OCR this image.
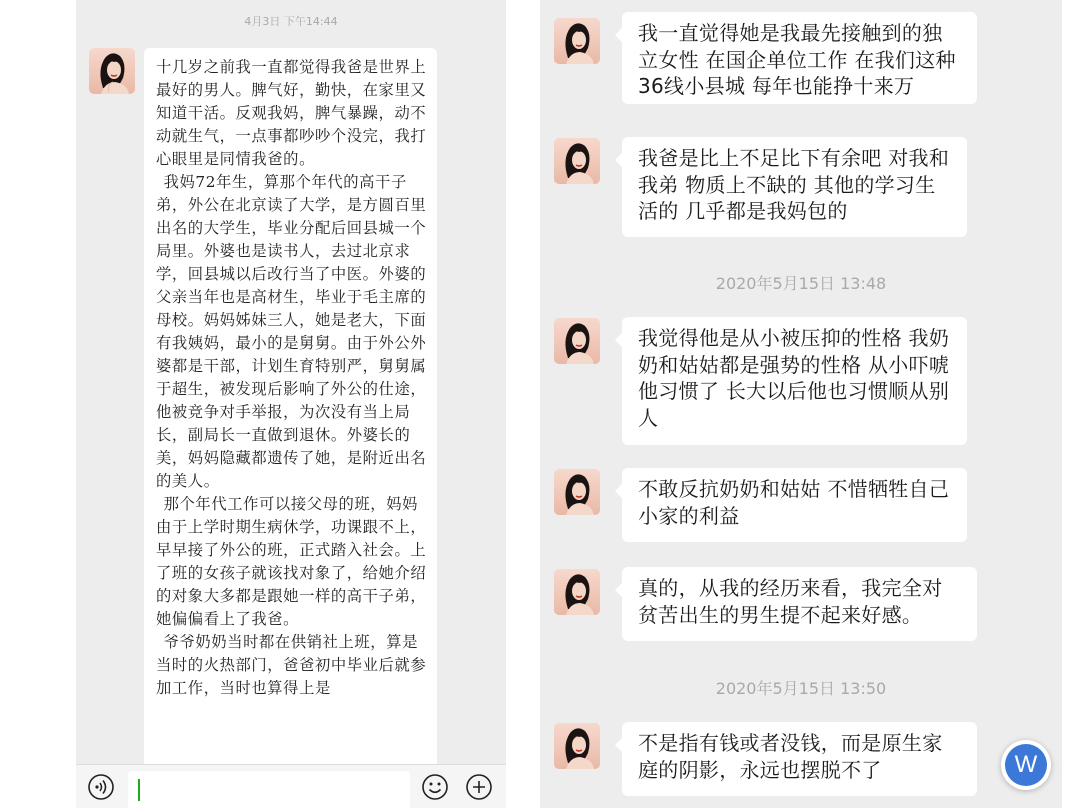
4月3日 下午14:44

十几岁之前我一直都觉得我爸是世界上最好的男人。脾气好，勤快，在家里又知道干活。反观我妈，脾气暴躁，动不动就生气，一点事都吵吵个没完，我打心眼里是同情我爸的。

我妈72年生，算那个年代的高干子弟，外公在北京读了大学，是方圆百里出名的大学生，毕业分配后回县城一个局里。外婆也是读书人，去过北京求学，回县城以后改行当了中医。外婆的父亲当年也是高材生，毕业于毛主席的母校。妈妈姊妹三人，她是老大，下面有我姨妈，最小的是舅舅。由于外公外婆都是干部，计划生育特别严，舅舅属于超生，被发现后影响了外公的仕途，他被竞争对手举报，为次没有当上局长，副局长一直做到退休。外婆长的美，妈妈隐藏都遗传了她，是附近出名的美人。

那个年代工作可以接父母的班，妈妈由于上学时期生病休学，功课跟不上，早早接了外公的班，正式踏入社会。上了班的女孩子就该找对象了，给她介绍的对象大多都是跟她一样的高干子弟，她偏偏看上了我爸。

爷爷奶奶当时都在供销社上班，算是当时的火热部门，爸爸初中毕业后就参加工作，当时也算得上是

我一直觉得她是我最先接触到的独立女性 在国企单位工作 在我们这种36线小县城 每年也能挣十来万
我爸是比上不足比下有余吧 对我和我弟 物质上不缺的 其他的学习生活的 几乎都是我妈包的
2020年5月15日 13:48
我觉得他是从小被压抑的性格 我奶奶和姑姑都是强势的性格 从小吓唬他习惯了 长大以后他也习惯顺从别人
不敢反抗奶奶和姑姑 不惜牺牲自己小家的利益
真的，从我的经历来看，我完全对贫苦出生的男生提不起来好感。
2020年5月15日 13:50
不是指有钱或者没钱，而是原生家庭的阴影，永远也摆脱不了	W
